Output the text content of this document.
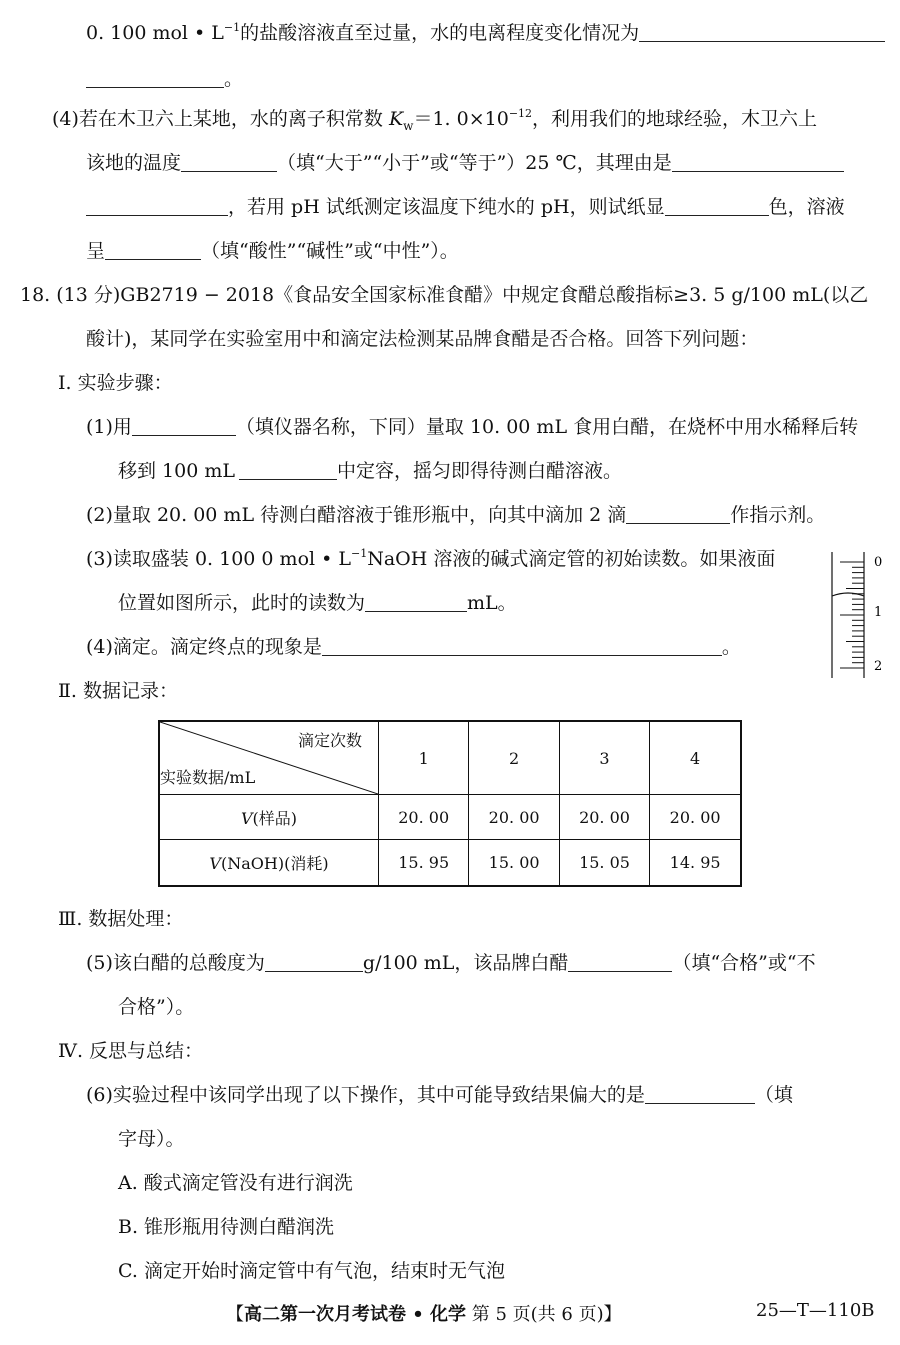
0. 100 mol • $L^{-1}$的盐酸溶液直至过量，水的电离程度变化情况为
。
(4)若在木卫六上某地，水的离子积常数 $K_w=1$. $0\times 10^{-12}$，利用我们的地球经验，木卫六上
该地的温度	（填“大于”“小于”或“等于”）25 ℃，其理由是
，若用 pH 试纸测定该温度下纯水的 pH，则试纸显	色，溶液
呈	（填“酸性”“碱性”或“中性”）。
18. (13 分)GB2719 − 2018《食品安全国家标准食醋》中规定食醋总酸指标≥3. 5 g/100 mL(以乙
酸计)，某同学在实验室用中和滴定法检测某品牌食醋是否合格。回答下列问题：
Ⅰ. 实验步骤：
(1)用	（填仪器名称，下同）量取 10. 00 mL 食用白醋，在烧杯中用水稀释后转
移到 100 mL	中定容，摇匀即得待测白醋溶液。
(2)量取 20. 00 mL 待测白醋溶液于锥形瓶中，向其中滴加 2 滴	作指示剂。
(3)读取盛装 0. 100 0 mol • $L^{-1}NaOH$ 溶液的碱式滴定管的初始读数。如果液面
位置如图所示，此时的读数为	mL。
(4)滴定。滴定终点的现象是	。
0
1
2
Ⅱ. 数据记录：
滴定次数
实验数据/mL	1	2	3	4
V(样品)	20. 00	20. 00	20. 00	20. 00
V(NaOH)(消耗)	15. 95	15. 00	15. 05	14. 95
Ⅲ. 数据处理：
(5)该白醋的总酸度为	g/100 mL，该品牌白醋	（填“合格”或“不
合格”）。
Ⅳ. 反思与总结：
(6)实验过程中该同学出现了以下操作，其中可能导致结果偏大的是	（填
字母）。
A. 酸式滴定管没有进行润洗
B. 锥形瓶用待测白醋润洗
C. 滴定开始时滴定管中有气泡，结束时无气泡
【高二第一次月考试卷 • 化学 第 5 页(共 6 页)】	25—T—110B
